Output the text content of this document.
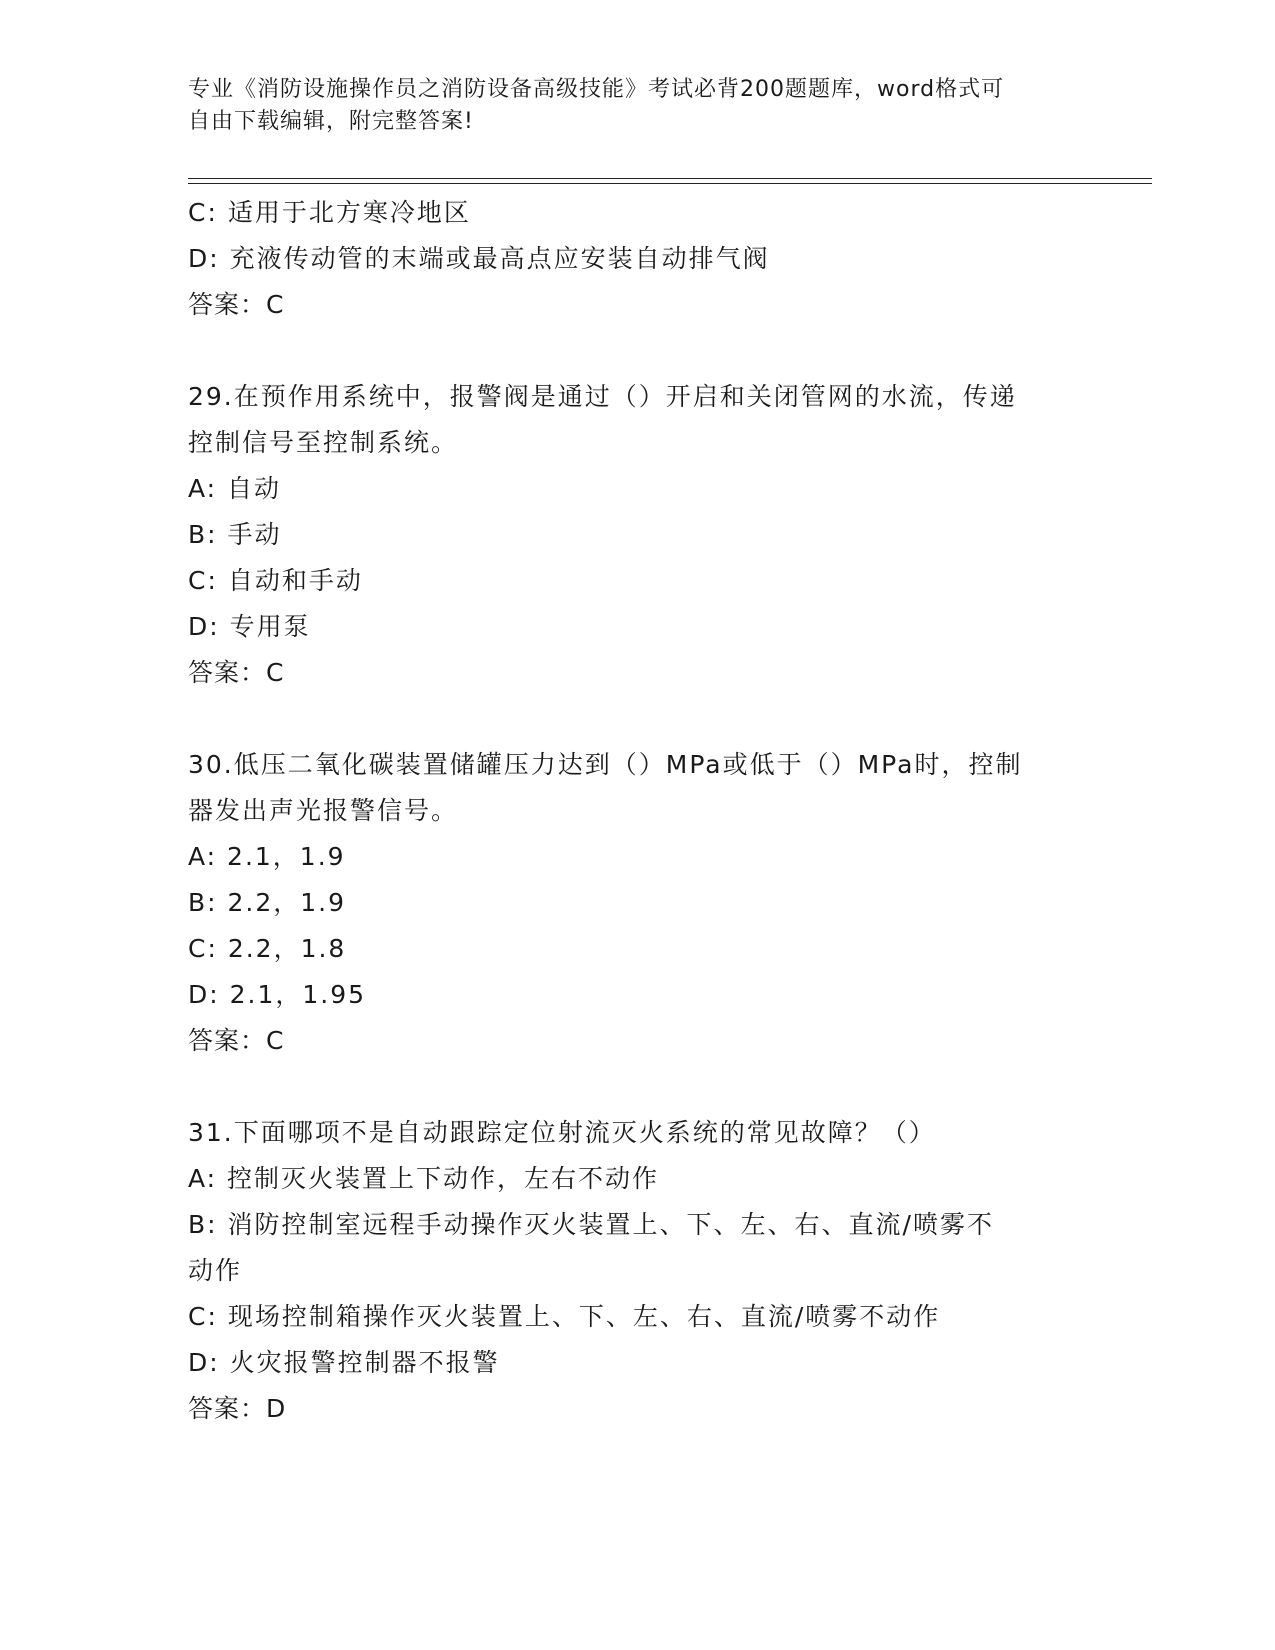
专业《消防设施操作员之消防设备高级技能》考试必背200题题库，word格式可
自由下载编辑，附完整答案!

C: 适用于北方寒冷地区

D: 充液传动管的末端或最高点应安装自动排气阀

答案：C

29.在预作用系统中，报警阀是通过（）开启和关闭管网的水流，传递

控制信号至控制系统。

A: 自动

B: 手动

C: 自动和手动

D: 专用泵

答案：C

30.低压二氧化碳装置储罐压力达到（）MPa或低于（）MPa时，控制

器发出声光报警信号。

A: 2.1，1.9

B: 2.2，1.9

C: 2.2，1.8

D: 2.1，1.95

答案：C

31.下面哪项不是自动跟踪定位射流灭火系统的常见故障？（）

A: 控制灭火装置上下动作，左右不动作

B: 消防控制室远程手动操作灭火装置上、下、左、右、直流/喷雾不

动作

C: 现场控制箱操作灭火装置上、下、左、右、直流/喷雾不动作

D: 火灾报警控制器不报警

答案：D
